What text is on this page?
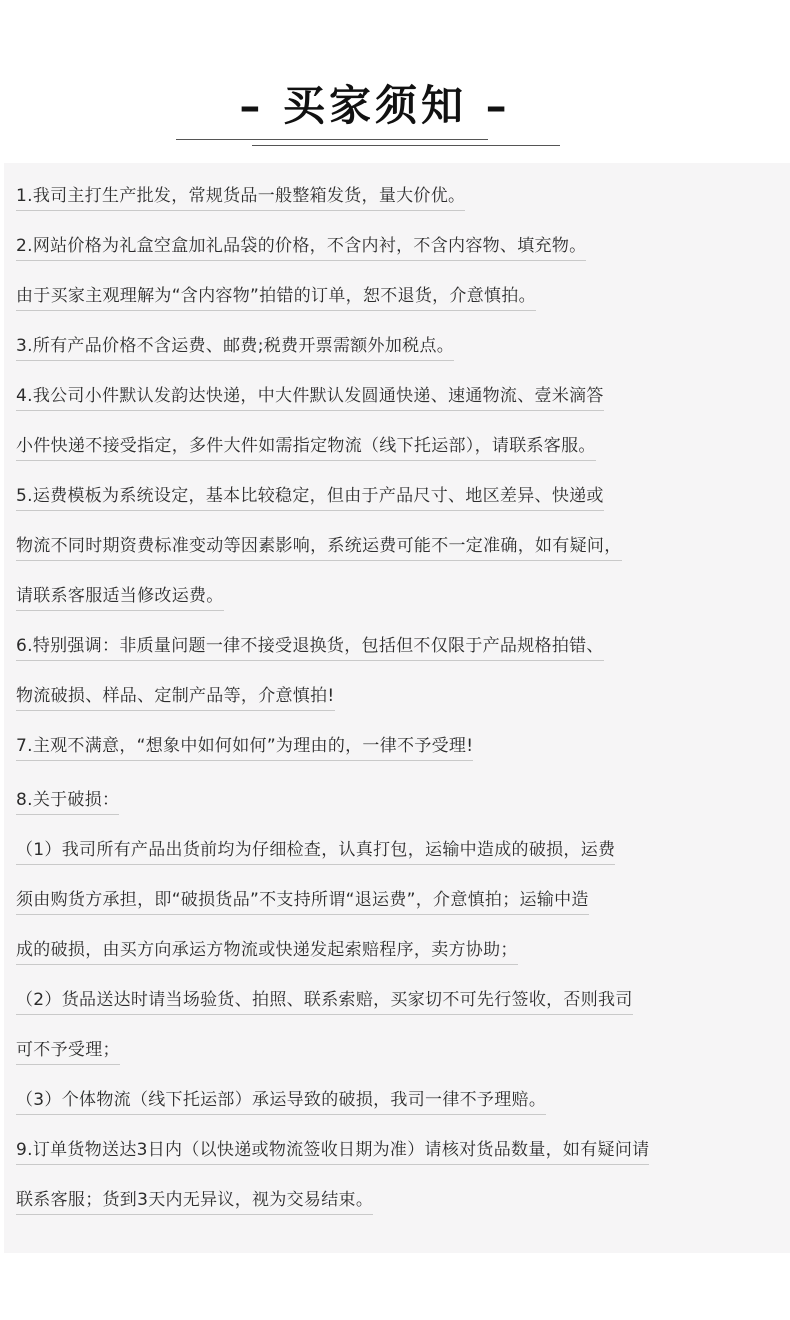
– 买家须知 –
1.我司主打生产批发，常规货品一般整箱发货，量大价优。
2.网站价格为礼盒空盒加礼品袋的价格，不含内衬，不含内容物、填充物。
由于买家主观理解为“含内容物”拍错的订单，恕不退货，介意慎拍。
3.所有产品价格不含运费、邮费;税费开票需额外加税点。
4.我公司小件默认发韵达快递，中大件默认发圆通快递、速通物流、壹米滴答
小件快递不接受指定，多件大件如需指定物流（线下托运部），请联系客服。
5.运费模板为系统设定，基本比较稳定，但由于产品尺寸、地区差异、快递或
物流不同时期资费标准变动等因素影响，系统运费可能不一定准确，如有疑问，
请联系客服适当修改运费。
6.特别强调：非质量问题一律不接受退换货，包括但不仅限于产品规格拍错、
物流破损、样品、定制产品等，介意慎拍!
7.主观不满意，“想象中如何如何”为理由的，一律不予受理!
8.关于破损：
（1）我司所有产品出货前均为仔细检查，认真打包，运输中造成的破损，运费
须由购货方承担，即“破损货品”不支持所谓“退运费”，介意慎拍；运输中造
成的破损，由买方向承运方物流或快递发起索赔程序，卖方协助；
（2）货品送达时请当场验货、拍照、联系索赔，买家切不可先行签收，否则我司
可不予受理；
（3）个体物流（线下托运部）承运导致的破损，我司一律不予理赔。
9.订单货物送达3日内（以快递或物流签收日期为准）请核对货品数量，如有疑问请
联系客服；货到3天内无异议，视为交易结束。
